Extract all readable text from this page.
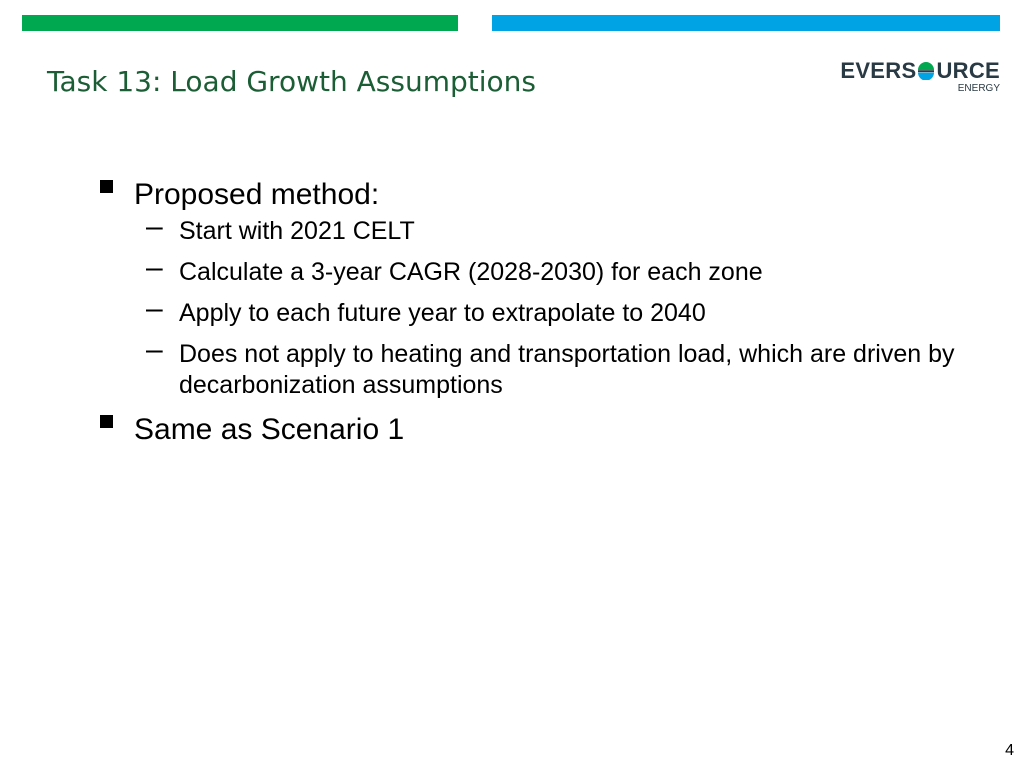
Task 13: Load Growth Assumptions	EVERS URCE
ENERGY
Proposed method:
– Start with 2021 CELT
– Calculate a 3-year CAGR (2028-2030) for each zone
– Apply to each future year to extrapolate to 2040
– Does not apply to heating and transportation load, which are driven by decarbonization assumptions
Same as Scenario 1
4
